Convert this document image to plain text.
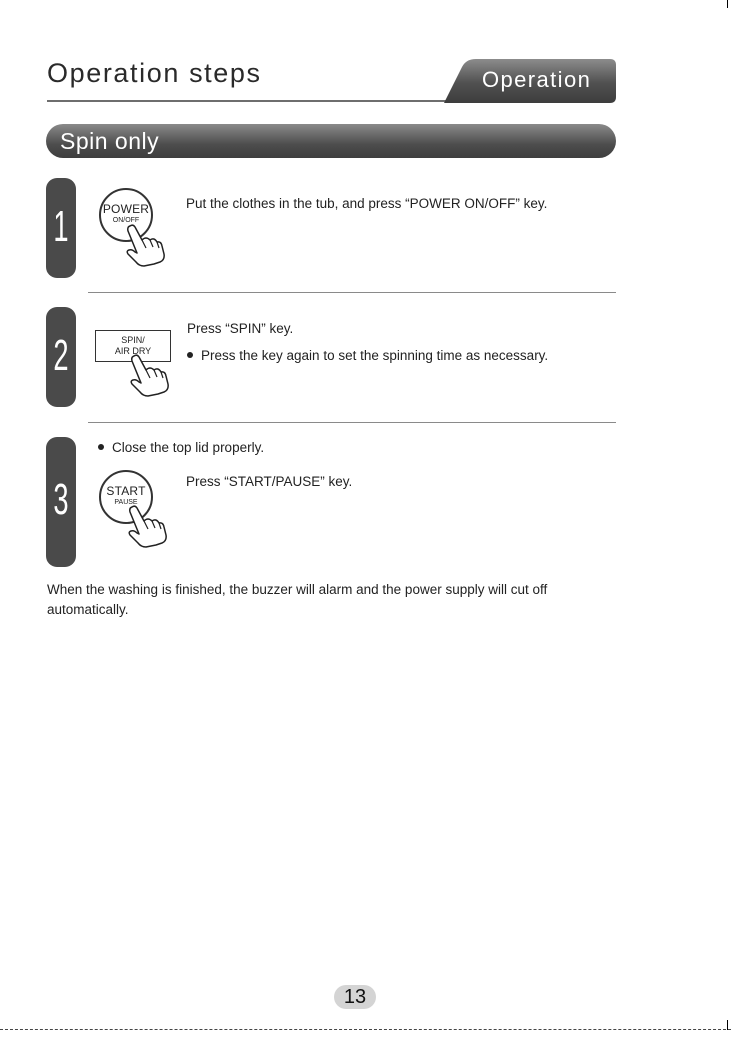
Operation steps	Operation
Spin only
1	POWER
ON/OFF
Put the clothes in the tub, and press “POWER ON/OFF” key.
2	SPIN/
AIR DRY
Press “SPIN” key.
Press the key again to set the spinning time as necessary.
3
Close the top lid properly.
START
PAUSE
Press “START/PAUSE” key.
When the washing is finished, the buzzer will alarm and the power supply will cut off automatically.
13
